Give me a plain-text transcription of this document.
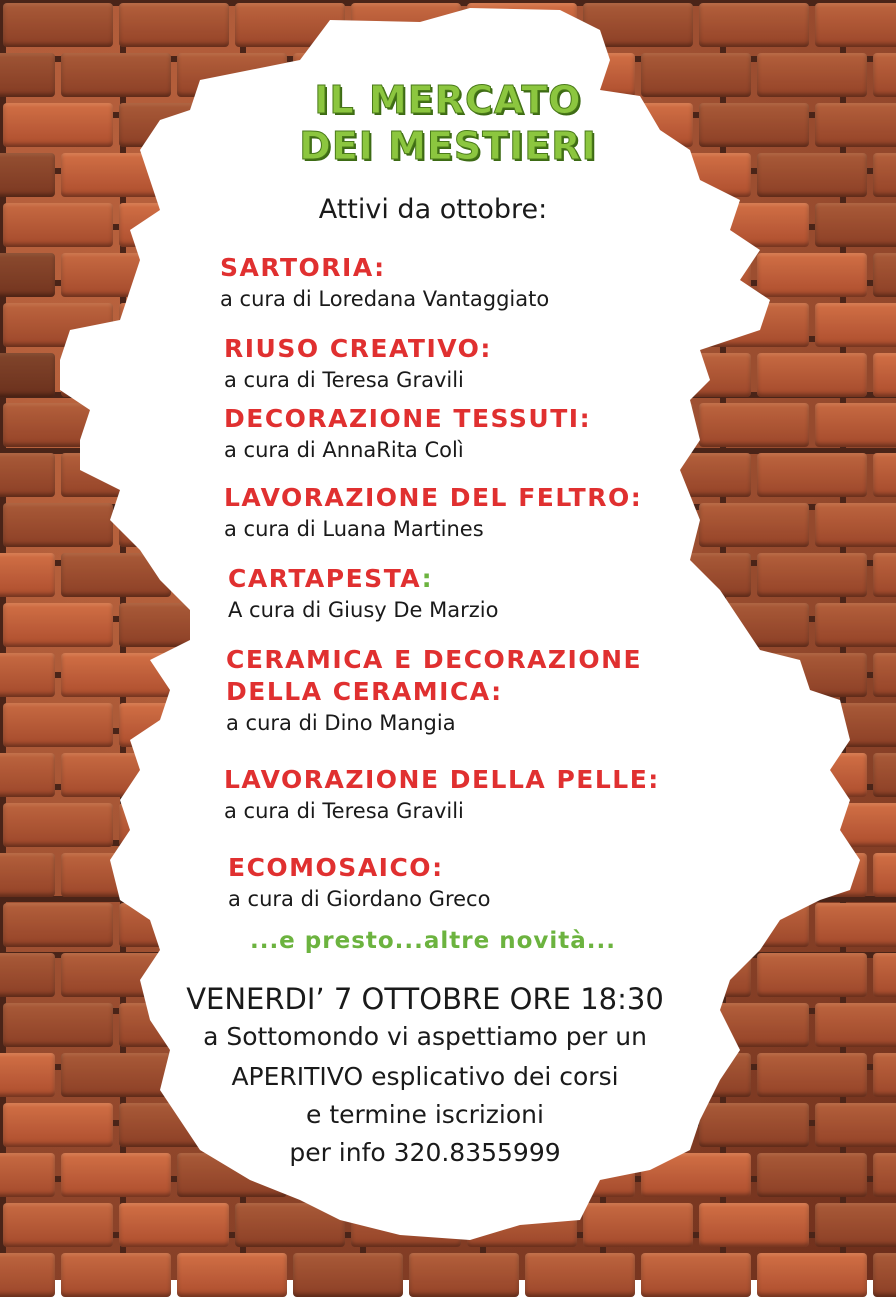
IL MERCATO
DEI MESTIERI
Attivi da ottobre:
SARTORIA:
a cura di Loredana Vantaggiato
RIUSO CREATIVO:
a cura di Teresa Gravili
DECORAZIONE TESSUTI:
a cura di AnnaRita Colì
LAVORAZIONE DEL FELTRO:
a cura di Luana Martines
CARTAPESTA:
A cura di Giusy De Marzio
CERAMICA E DECORAZIONE
DELLA CERAMICA:
a cura di Dino Mangia
LAVORAZIONE DELLA PELLE:
a cura di Teresa Gravili
ECOMOSAICO:
a cura di Giordano Greco
...e presto...altre novità...
VENERDI’ 7 OTTOBRE ORE 18:30
a Sottomondo vi aspettiamo per un
APERITIVO esplicativo dei corsi
e termine iscrizioni
per info 320.8355999
